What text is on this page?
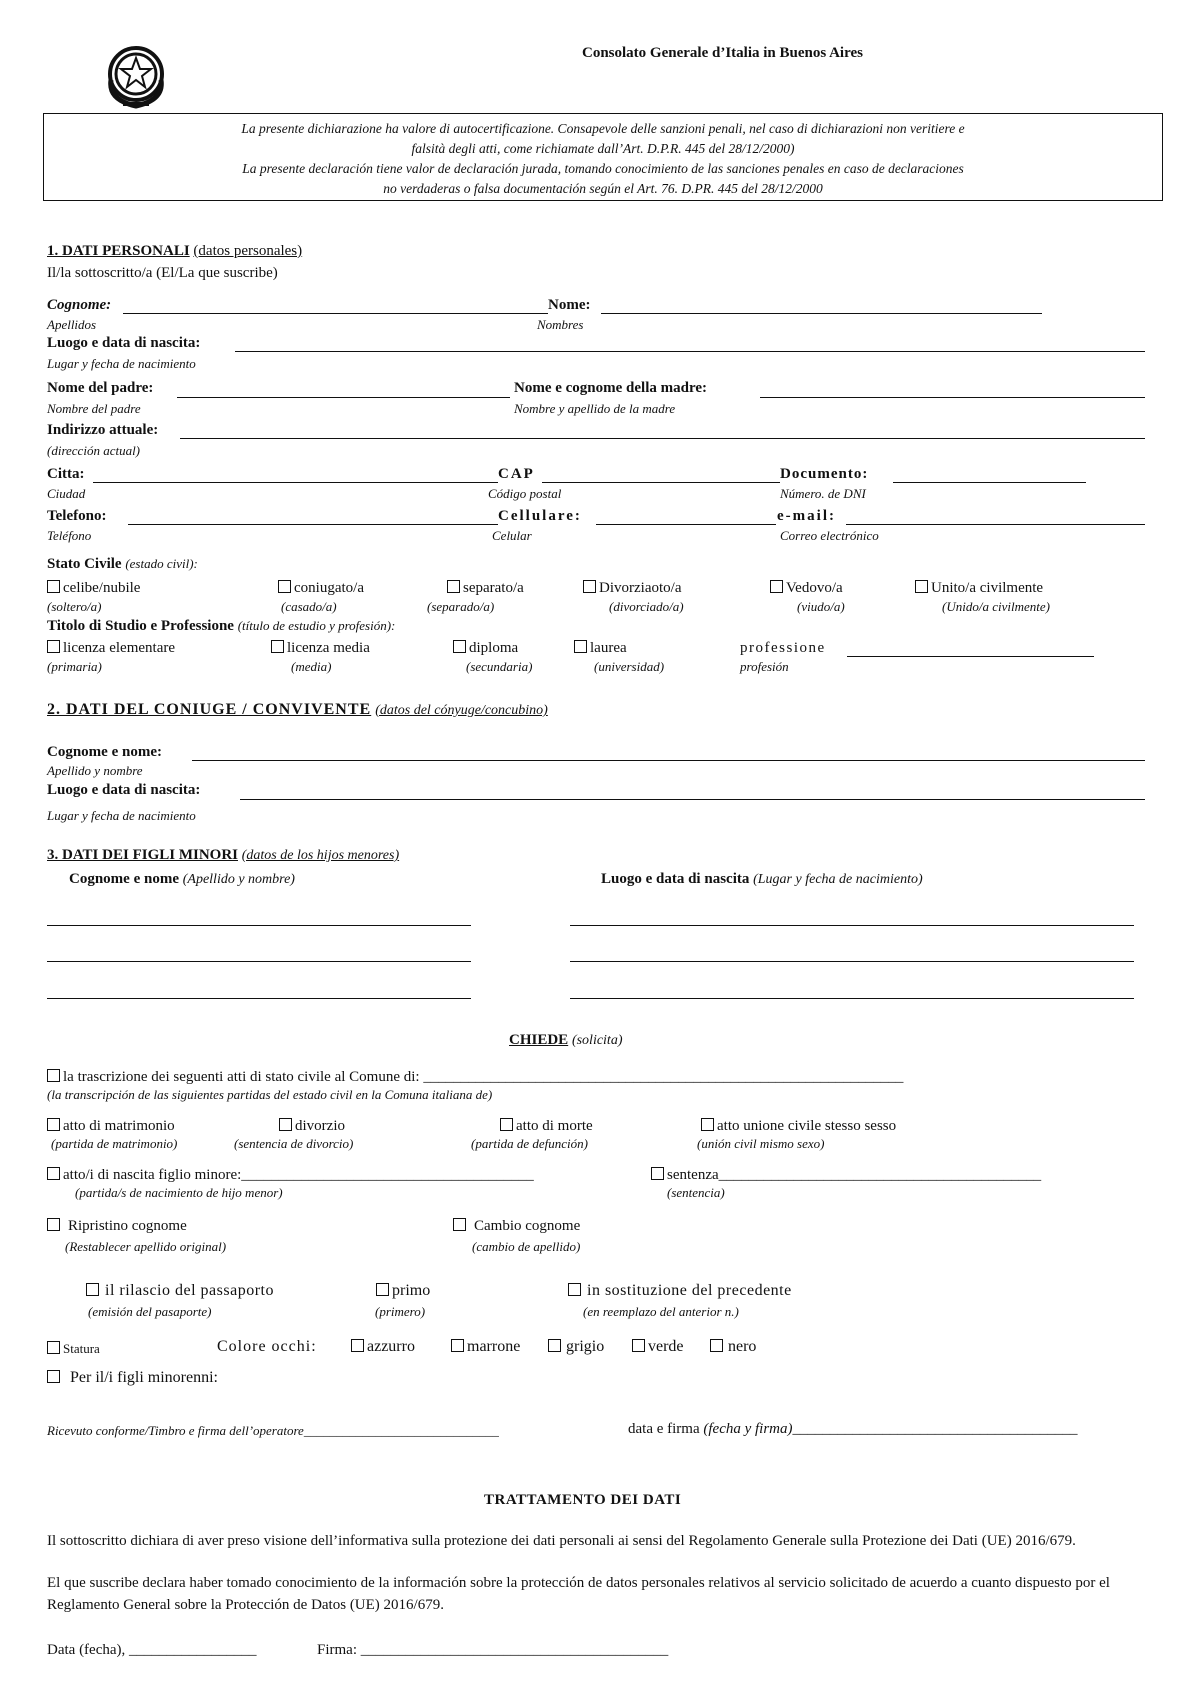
Consolato Generale d’Italia in Buenos Aires
La presente dichiarazione ha valore di autocertificazione. Consapevole delle sanzioni penali, nel caso di dichiarazioni non veritiere e
falsità degli atti, come richiamate dall’Art. D.P.R. 445 del 28/12/2000)
La presente declaración tiene valor de declaración jurada, tomando conocimiento de las sanciones penales en caso de declaraciones
no verdaderas o falsa documentación según el Art. 76. D.PR. 445 del 28/12/2000
1. DATI PERSONALI (datos personales)
Il/la sottoscritto/a (El/La que suscribe)
Cognome:	Nome:
Apellidos	Nombres
Luogo e data di nascita:
Lugar y fecha de nacimiento
Nome del padre:	Nome e cognome della madre:
Nombre del padre	Nombre y apellido de la madre
Indirizzo attuale:
(dirección actual)
Citta:	CAP	Documento:
Ciudad	Código postal	Número. de DNI
Telefono:	Cellulare:	e-mail:
Teléfono	Celular	Correo electrónico
Stato Civile (estado civil):
celibe/nubile
(soltero/a)
coniugato/a
(casado/a)
separato/a
(separado/a)
Divorziaoto/a
(divorciado/a)
Vedovo/a
(viudo/a)
Unito/a civilmente
(Unido/a civilmente)
Titolo di Studio e Professione (título de estudio y profesión):
licenza elementare
(primaria)
licenza media
(media)
diploma
(secundaria)
laurea
(universidad)
professione
profesión
2. DATI DEL CONIUGE / CONVIVENTE (datos del cónyuge/concubino)
Cognome e nome:
Apellido y nombre
Luogo e data di nascita:
Lugar y fecha de nacimiento
3. DATI DEI FIGLI MINORI (datos de los hijos menores)
Cognome e nome (Apellido y nombre)	Luogo e data di nascita (Lugar y fecha de nacimiento)
CHIEDE (solicita)
la trascrizione dei seguenti atti di stato civile al Comune di: ________________________________________________________________
(la transcripción de las siguientes partidas del estado civil en la Comuna italiana de)
atto di matrimonio
(partida de matrimonio)
divorzio
(sentencia de divorcio)
atto di morte
(partida de defunción)
atto unione civile stesso sesso
(unión civil mismo sexo)
atto/i di nascita figlio minore:_______________________________________
(partida/s de nacimiento de hijo menor)
sentenza___________________________________________
(sentencia)
Ripristino cognome
(Restablecer apellido original)
Cambio cognome
(cambio de apellido)
il rilascio del passaporto
(emisión del pasaporte)
primo
(primero)
in sostituzione del precedente
(en reemplazo del anterior n.)
Statura	Colore occhi:	azzurro	marrone	grigio	verde	nero
Per il/i figli minorenni:
Ricevuto conforme/Timbro e firma dell’operatore______________________________	data e firma (fecha y firma)______________________________________
TRATTAMENTO DEI DATI
Il sottoscritto dichiara di aver preso visione dell’informativa sulla protezione dei dati personali ai sensi del Regolamento Generale sulla Protezione dei Dati (UE) 2016/679.
El que suscribe declara haber tomado conocimiento de la información sobre la protección de datos personales relativos al servicio solicitado de acuerdo a cuanto dispuesto por el Reglamento General sobre la Protección de Datos (UE) 2016/679.
Data (fecha), _________________	Firma: _________________________________________
